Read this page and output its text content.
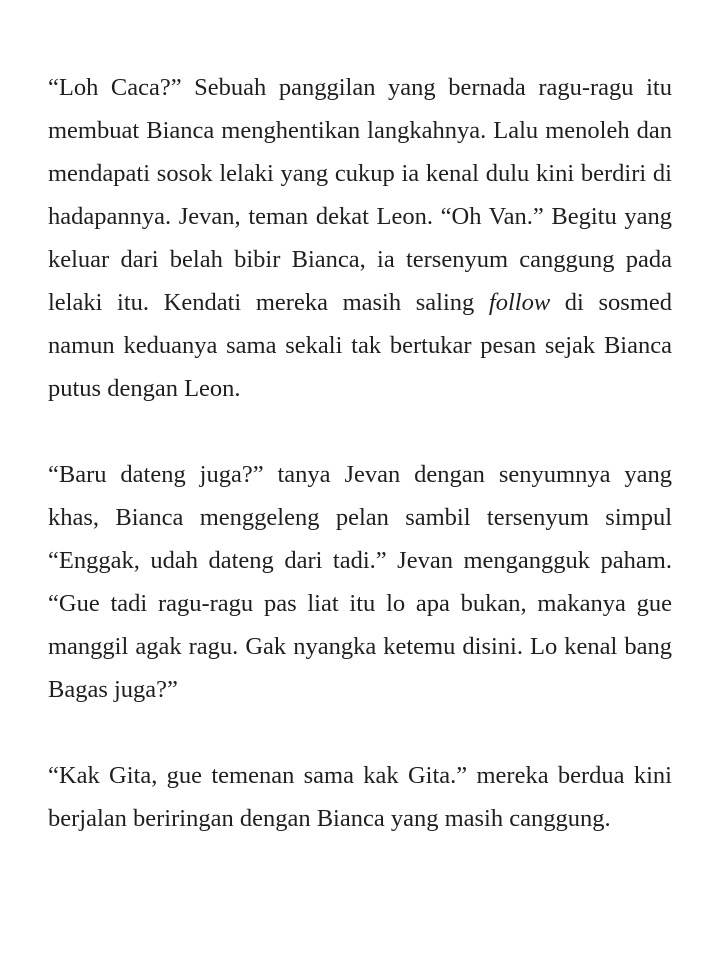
“Loh Caca?” Sebuah panggilan yang bernada ragu-ragu itu membuat Bianca menghentikan langkahnya. Lalu menoleh dan mendapati sosok lelaki yang cukup ia kenal dulu kini berdiri di hadapannya. Jevan, teman dekat Leon. “Oh Van.” Begitu yang keluar dari belah bibir Bianca, ia tersenyum canggung pada lelaki itu. Kendati mereka masih saling follow di sosmed namun keduanya sama sekali tak bertukar pesan sejak Bianca putus dengan Leon.

“Baru dateng juga?” tanya Jevan dengan senyumnya yang khas, Bianca menggeleng pelan sambil tersenyum simpul “Enggak, udah dateng dari tadi.” Jevan mengangguk paham. “Gue tadi ragu-ragu pas liat itu lo apa bukan, makanya gue manggil agak ragu. Gak nyangka ketemu disini. Lo kenal bang Bagas juga?”

“Kak Gita, gue temenan sama kak Gita.” mereka berdua kini berjalan beriringan dengan Bianca yang masih canggung.
